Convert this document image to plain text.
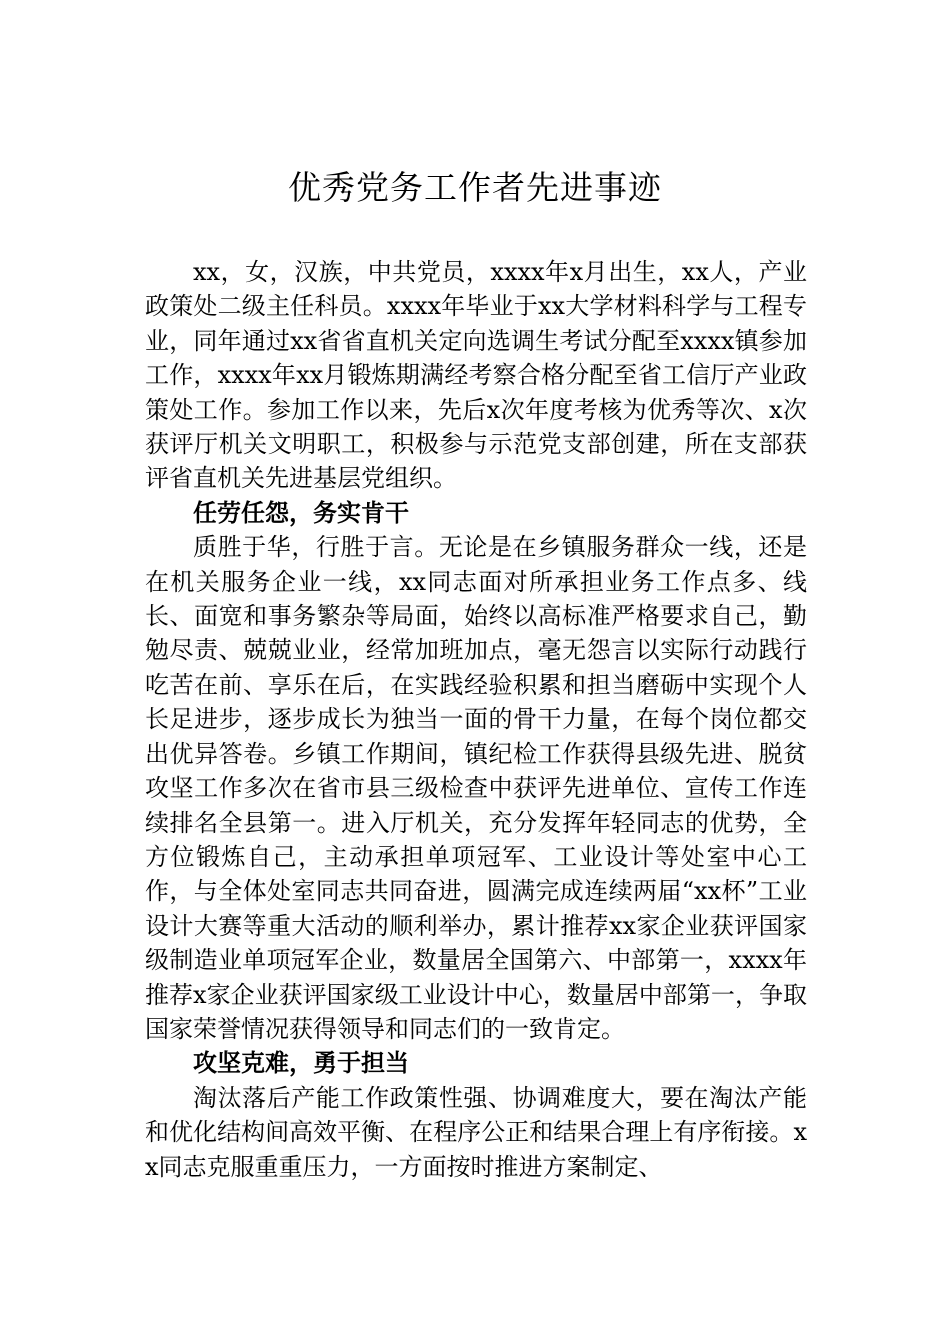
优秀党务工作者先进事迹

xx，女，汉族，中共党员，xxxx年x月出生，xx人，产业政策处二级主任科员。xxxx年毕业于xx大学材料科学与工程专业，同年通过xx省省直机关定向选调生考试分配至xxxx镇参加工作，xxxx年xx月锻炼期满经考察合格分配至省工信厅产业政策处工作。参加工作以来，先后x次年度考核为优秀等次、x次获评厅机关文明职工，积极参与示范党支部创建，所在支部获评省直机关先进基层党组织。

任劳任怨，务实肯干

质胜于华，行胜于言。无论是在乡镇服务群众一线，还是在机关服务企业一线，xx同志面对所承担业务工作点多、线长、面宽和事务繁杂等局面，始终以高标准严格要求自己，勤勉尽责、兢兢业业，经常加班加点，毫无怨言以实际行动践行吃苦在前、享乐在后，在实践经验积累和担当磨砺中实现个人长足进步，逐步成长为独当一面的骨干力量，在每个岗位都交出优异答卷。乡镇工作期间，镇纪检工作获得县级先进、脱贫攻坚工作多次在省市县三级检查中获评先进单位、宣传工作连续排名全县第一。进入厅机关，充分发挥年轻同志的优势，全方位锻炼自己，主动承担单项冠军、工业设计等处室中心工作，与全体处室同志共同奋进，圆满完成连续两届“xx杯”工业设计大赛等重大活动的顺利举办，累计推荐xx家企业获评国家级制造业单项冠军企业，数量居全国第六、中部第一，xxxx年推荐x家企业获评国家级工业设计中心，数量居中部第一，争取国家荣誉情况获得领导和同志们的一致肯定。

攻坚克难，勇于担当

淘汰落后产能工作政策性强、协调难度大，要在淘汰产能和优化结构间高效平衡、在程序公正和结果合理上有序衔接。xx同志克服重重压力，一方面按时推进方案制定、
